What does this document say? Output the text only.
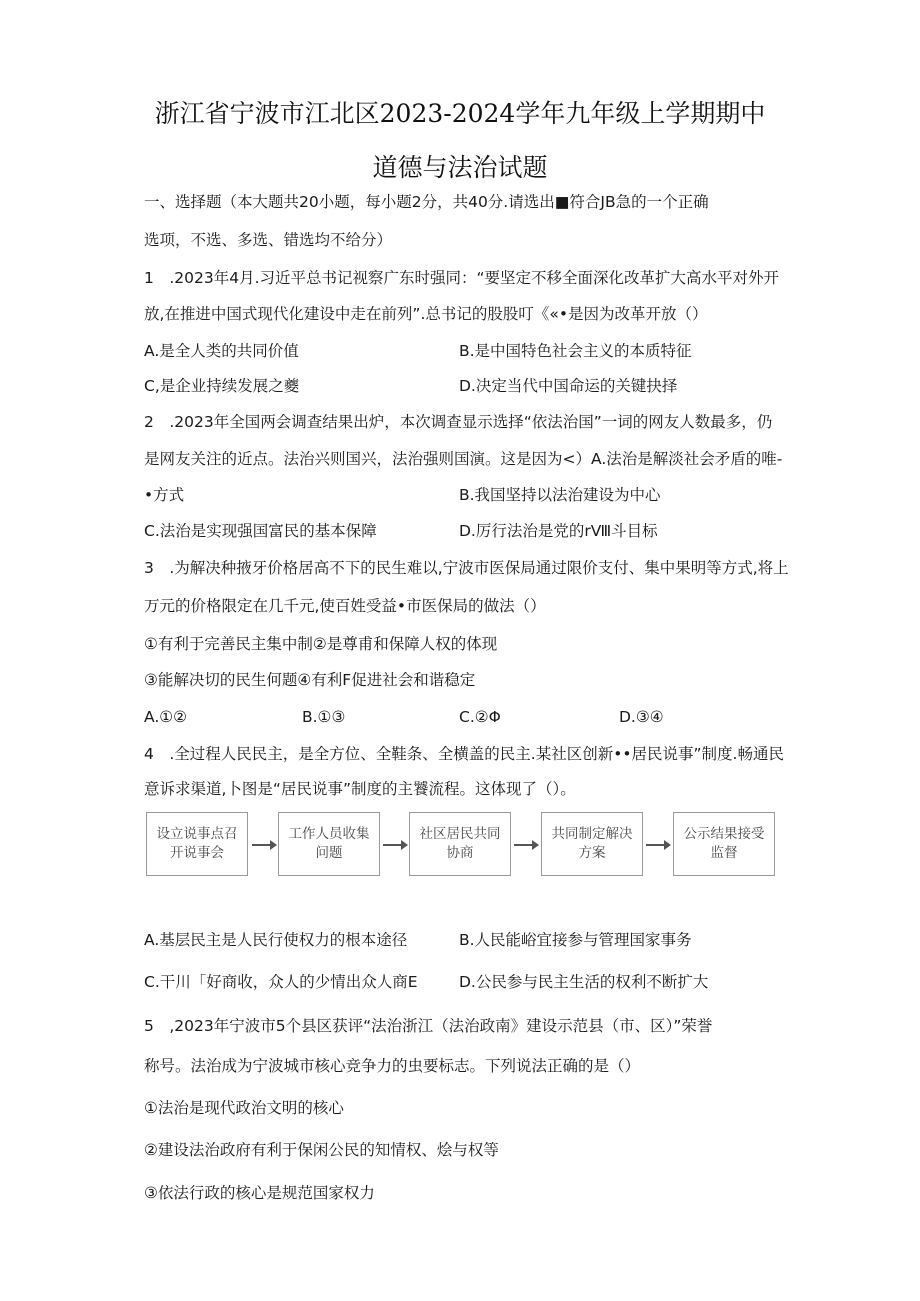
浙江省宁波市江北区2023-2024学年九年级上学期期中
道德与法治试题
一、选择题（本大题共20小题，每小题2分，共40分.请选出■符合JB急的一个正确
选项，不选、多选、错选均不给分）
1　.2023年4月.习近平总书记视察广东时强同：“要坚定不移全面深化改革扩大高水平对外开
放,在推进中国式现代化建设中走在前列”.总书记的股股叮《«•是因为改革开放（）
A.是全人类的共同价值	B.是中国特色社会主义的本质特征
C,是企业持续发展之夔	D.决定当代中国命运的关键抉择
2　.2023年全国两会调查结果出炉，本次调查显示选择“依法治国”一词的网友人数最多，仍
是网友关注的近点。法治兴则国兴，法治强则国演。这是因为<）A.法治是解淡社会矛盾的唯-
•方式	B.我国坚持以法治建设为中心
C.法治是实现强国富民的基本保障	D.厉行法治是党的rⅧ斗目标
3　.为解决种掖牙价格居高不下的民生难以,宁波市医保局通过限价支付、集中果明等方式,将上
万元的价格限定在几千元,使百姓受益•市医保局的做法（）
①有利于完善民主集中制②是尊甫和保障人权的体现
③能解决切的民生何题④有利F促进社会和谐稳定
A.①②	B.①③	C.②Φ	D.③④
4　.全过程人民民主，是全方位、全鞋条、全横盖的民主.某社区创新••居民说事”制度.畅通民
意诉求渠道,卜图是“居民说事”制度的主饕流程。这体现了（）。
设立说事点召开说事会
工作人员收集问题
社区居民共同协商
共同制定解决方案
公示结果接受监督
A.基层民主是人民行使权力的根本途径	B.人民能峪宜接参与管理国家事务
C.干川「好商收，众人的少情出众人商E	D.公民参与民主生活的权利不断扩大
5　,2023年宁波市5个县区获评“法治浙江（法治政南》建设示范县（市、区）”荣誉
称号。法治成为宁波城市核心竞争力的虫要标志。下列说法正确的是（）
①法治是现代政治文明的核心
②建设法治政府有利于保闲公民的知情权、烩与权等
③依法行政的核心是规范国家权力
